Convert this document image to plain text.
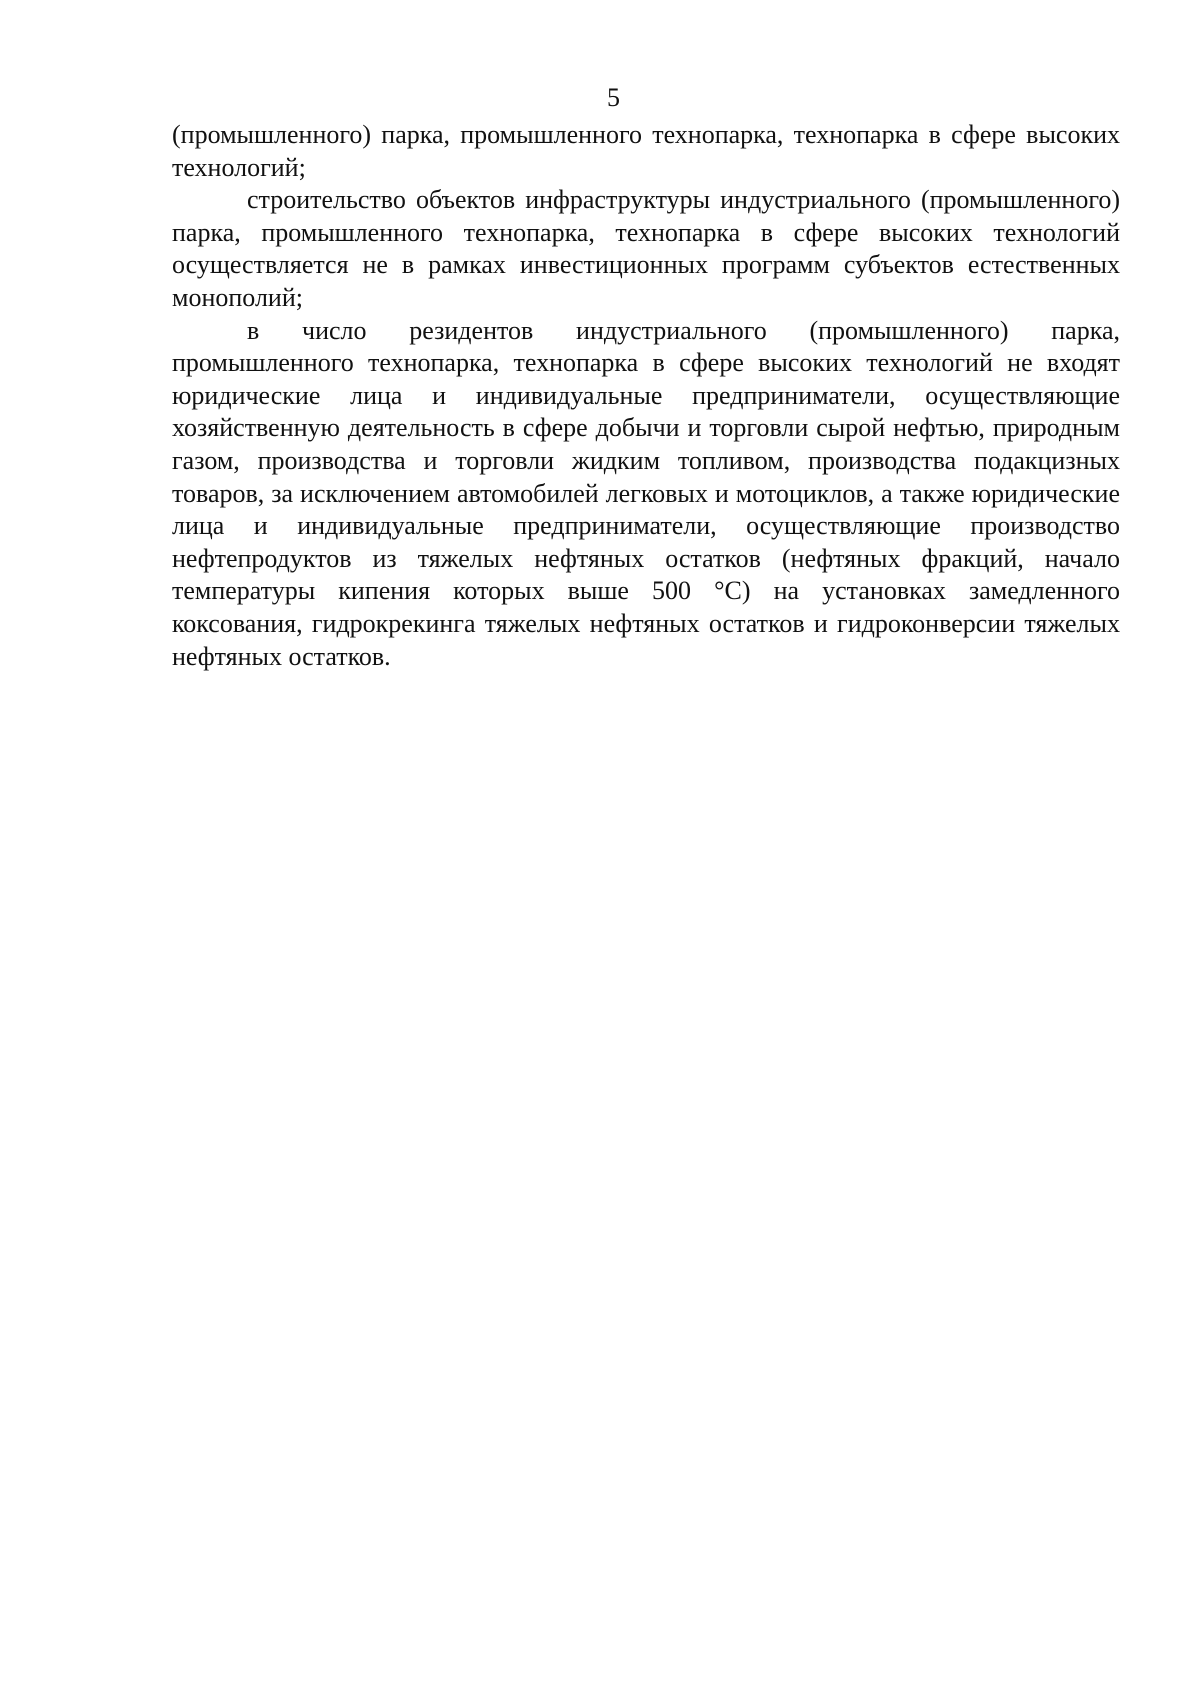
5

(промышленного) парка, промышленного технопарка, технопарка в сфере высоких технологий;

строительство объектов инфраструктуры индустриального (промышленного) парка, промышленного технопарка, технопарка в сфере высоких технологий осуществляется не в рамках инвестиционных программ субъектов естественных монополий;

в число резидентов индустриального (промышленного) парка, промышленного технопарка, технопарка в сфере высоких технологий не входят юридические лица и индивидуальные предприниматели, осуществляющие хозяйственную деятельность в сфере добычи и торговли сырой нефтью, природным газом, производства и торговли жидким топливом, производства подакцизных товаров, за исключением автомобилей легковых и мотоциклов, а также юридические лица и индивидуальные предприниматели, осуществляющие производство нефтепродуктов из тяжелых нефтяных остатков (нефтяных фракций, начало температуры кипения которых выше 500 °С) на установках замедленного коксования, гидрокрекинга тяжелых нефтяных остатков и гидроконверсии тяжелых нефтяных остатков.
